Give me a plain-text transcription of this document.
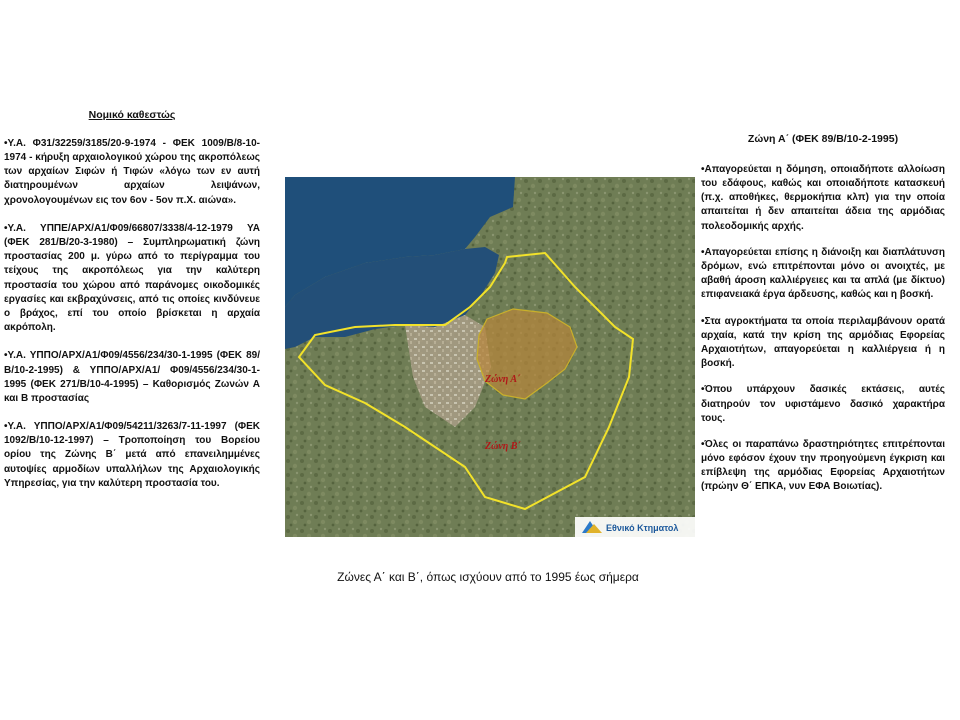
Νομικό καθεστώς

•Υ.Α. Φ31/32259/3185/20-9-1974 - ΦΕΚ 1009/Β/8-10-1974 - κήρυξη αρχαιολογικού χώρου της ακροπόλεως των αρχαίων Σιφών ή Τιφών «λόγω των εν αυτή διατηρουμένων αρχαίων λειψάνων, χρονολογουμένων εις τον 6ον - 5ον π.Χ. αιώνα».

•Υ.Α. ΥΠΠΕ/ΑΡΧ/Α1/Φ09/66807/3338/4-12-1979 ΥΑ (ΦΕΚ 281/Β/20-3-1980) – Συμπληρωματική ζώνη προστασίας 200 μ. γύρω από το περίγραμμα του τείχους της ακροπόλεως για την καλύτερη προστασία του χώρου από παράνομες οικοδομικές εργασίες και εκβραχύνσεις, από τις οποίες κινδύνευε ο βράχος, επί του οποίο βρίσκεται η αρχαία ακρόπολη.

•Υ.Α. ΥΠΠΟ/ΑΡΧ/Α1/Φ09/4556/234/30-1-1995 (ΦΕΚ 89/Β/10-2-1995) & ΥΠΠΟ/ΑΡΧ/Α1/ Φ09/4556/234/30-1-1995 (ΦΕΚ 271/Β/10-4-1995) – Καθορισμός Ζωνών Α και Β προστασίας

•Υ.Α. ΥΠΠΟ/ΑΡΧ/Α1/Φ09/54211/3263/7-11-1997 (ΦΕΚ 1092/Β/10-12-1997) – Τροποποίηση του Βορείου ορίου της Ζώνης Β΄ μετά από επανειλημμένες αυτοψίες αρμοδίων υπαλλήλων της Αρχαιολογικής Υπηρεσίας, για την καλύτερη προστασία του.

Ζώνη Α΄
Ζώνη Β΄
Εθνικό Κτηματολ
Ζώνες Α΄ και Β΄, όπως ισχύουν από το 1995 έως σήμερα

Ζώνη Α΄ (ΦΕΚ 89/Β/10-2-1995)

•Απαγορεύεται η δόμηση, οποιαδήποτε αλλοίωση του εδάφους, καθώς και οποιαδήποτε κατασκευή (π.χ. αποθήκες, θερμοκήπια κλπ) για την οποία απαιτείται ή δεν απαιτείται άδεια της αρμόδιας πολεοδομικής αρχής.

•Απαγορεύεται επίσης η διάνοιξη και διαπλάτυνση δρόμων, ενώ επιτρέπονται μόνο οι ανοιχτές, με αβαθή άροση καλλιέργειες και τα απλά (με δίκτυο) επιφανειακά έργα άρδευσης, καθώς και η βοσκή.

•Στα αγροκτήματα τα οποία περιλαμβάνουν ορατά αρχαία, κατά την κρίση της αρμόδιας Εφορείας Αρχαιοτήτων, απαγορεύεται η καλλιέργεια ή η βοσκή.

•Όπου υπάρχουν δασικές εκτάσεις, αυτές διατηρούν τον υφιστάμενο δασικό χαρακτήρα τους.

•Όλες οι παραπάνω δραστηριότητες επιτρέπονται μόνο εφόσον έχουν την προηγούμενη έγκριση και επίβλεψη της αρμόδιας Εφορείας Αρχαιοτήτων (πρώην Θ΄ ΕΠΚΑ, νυν ΕΦΑ Βοιωτίας).
